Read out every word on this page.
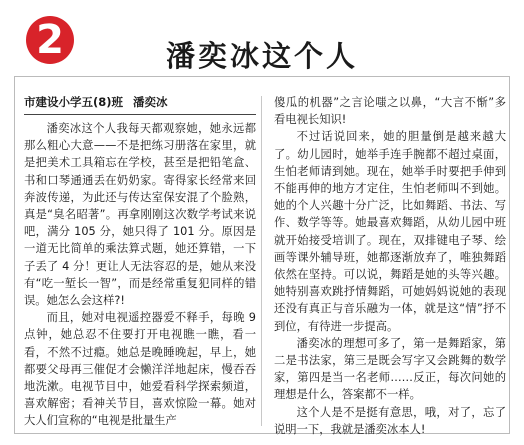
2	潘奕冰这个人
市建设小学五(8)班 潘奕冰

潘奕冰这个人我每天都观察她，她永远都那么粗心大意——不是把练习册落在家里，就是把美术工具箱忘在学校，甚至是把铅笔盒、书和口琴通通丢在奶奶家。寄得家长经常来回奔波传递，为此还与传达室保安混了个脸熟，真是“臭名昭著”。再拿刚刚这次数学考试来说吧，满分 105 分，她只得了 101 分。原因是一道无比简单的乘法算式题，她还算错，一下子丢了 4 分！更让人无法容忍的是，她从来没有“吃一堑长一智”，而是经常重复犯同样的错误。她怎么会这样?!

而且，她对电视遥控器爱不释手，每晚 9 点钟，她总忍不住要打开电视瞧一瞧，看一看，不然不过瘾。她总是晚睡晚起，早上，她都要父母再三催促才会懒洋洋地起床，慢吞吞地洗漱。电视节目中，她爱看科学探索频道，喜欢解密；看神关节目，喜欢惊险一幕。她对大人们宣称的“电视是批量生产

傻瓜的机器”之言论嗤之以鼻，“大言不惭”多看电视长知识!

不过话说回来，她的胆量倒是越来越大了。幼儿园时，她举手连手腕都不超过桌面，生怕老师请到她。现在，她举手时要把手伸到不能再伸的地方才定住，生怕老师叫不到她。她的个人兴趣十分广泛，比如舞蹈、书法、写作、数学等等。她最喜欢舞蹈，从幼儿园中班就开始接受培训了。现在，双排键电子琴、绘画等课外辅导班，她都逐渐放弃了，唯独舞蹈依然在坚持。可以说，舞蹈是她的头等兴趣。她特别喜欢跳抒情舞蹈，可她妈妈说她的表现还没有真正与音乐融为一体，就是这“情”抒不到位，有待进一步提高。

潘奕冰的理想可多了，第一是舞蹈家，第二是书法家，第三是既会写字又会跳舞的数学家，第四是当一名老师……反正，每次问她的理想是什么，答案都不一样。

这个人是不是挺有意思，哦，对了，忘了说明一下，我就是潘奕冰本人!
